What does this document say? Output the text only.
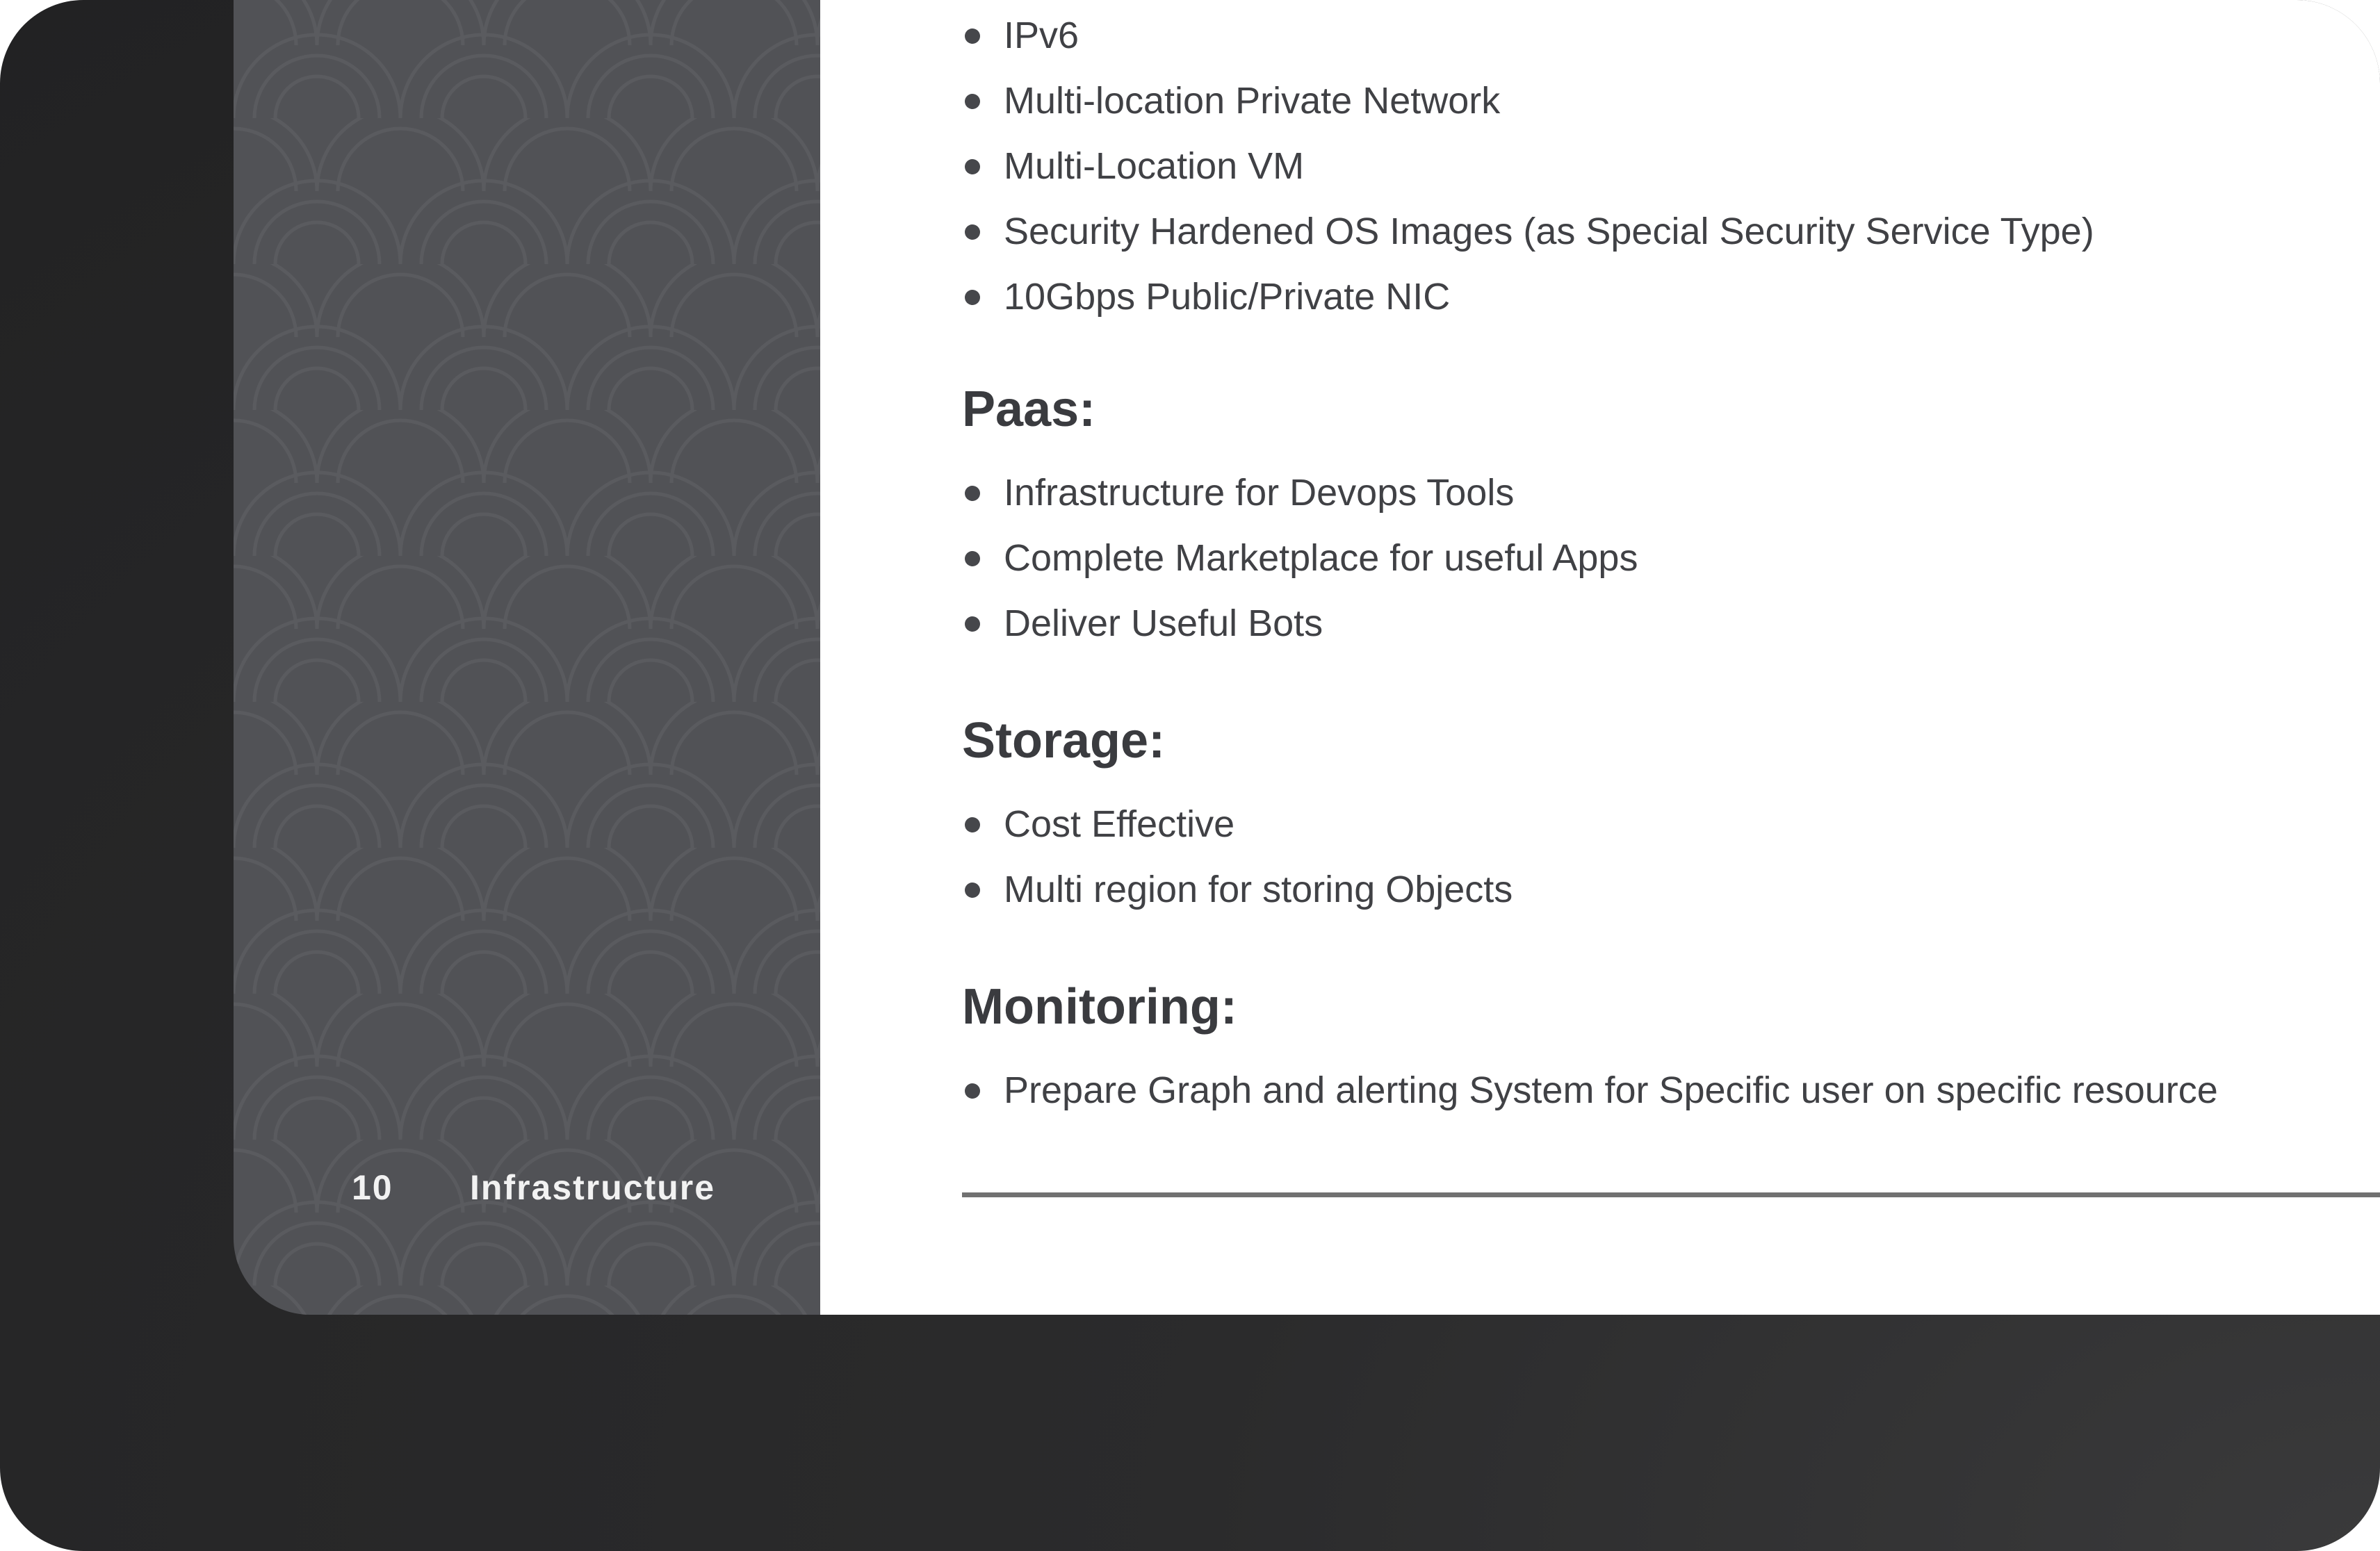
10 Infrastructure
IPv6
Multi-location Private Network
Multi-Location VM
Security Hardened OS Images (as Special Security Service Type)
10Gbps Public/Private NIC
Paas:
Infrastructure for Devops Tools
Complete Marketplace for useful Apps
Deliver Useful Bots
Storage:
Cost Effective
Multi region for storing Objects
Monitoring:
Prepare Graph and alerting System for Specific user on specific resource
